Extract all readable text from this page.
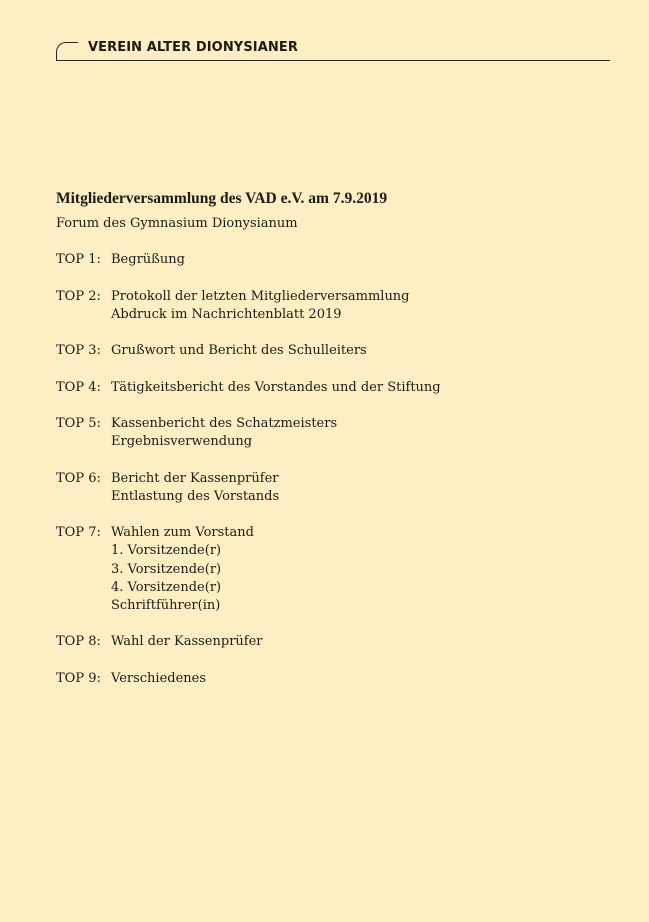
VEREIN ALTER DIONYSIANER
Mitgliederversammlung des VAD e.V. am 7.9.2019

Forum des Gymnasium Dionysianum

TOP 1: Begrüßung
TOP 2: Protokoll der letzten Mitgliederversammlung
Abdruck im Nachrichtenblatt 2019
TOP 3: Grußwort und Bericht des Schulleiters
TOP 4: Tätigkeitsbericht des Vorstandes und der Stiftung
TOP 5: Kassenbericht des Schatzmeisters
Ergebnisverwendung
TOP 6: Bericht der Kassenprüfer
Entlastung des Vorstands
TOP 7: Wahlen zum Vorstand
1. Vorsitzende(r)
3. Vorsitzende(r)
4. Vorsitzende(r)
Schriftführer(in)
TOP 8: Wahl der Kassenprüfer
TOP 9: Verschiedenes
